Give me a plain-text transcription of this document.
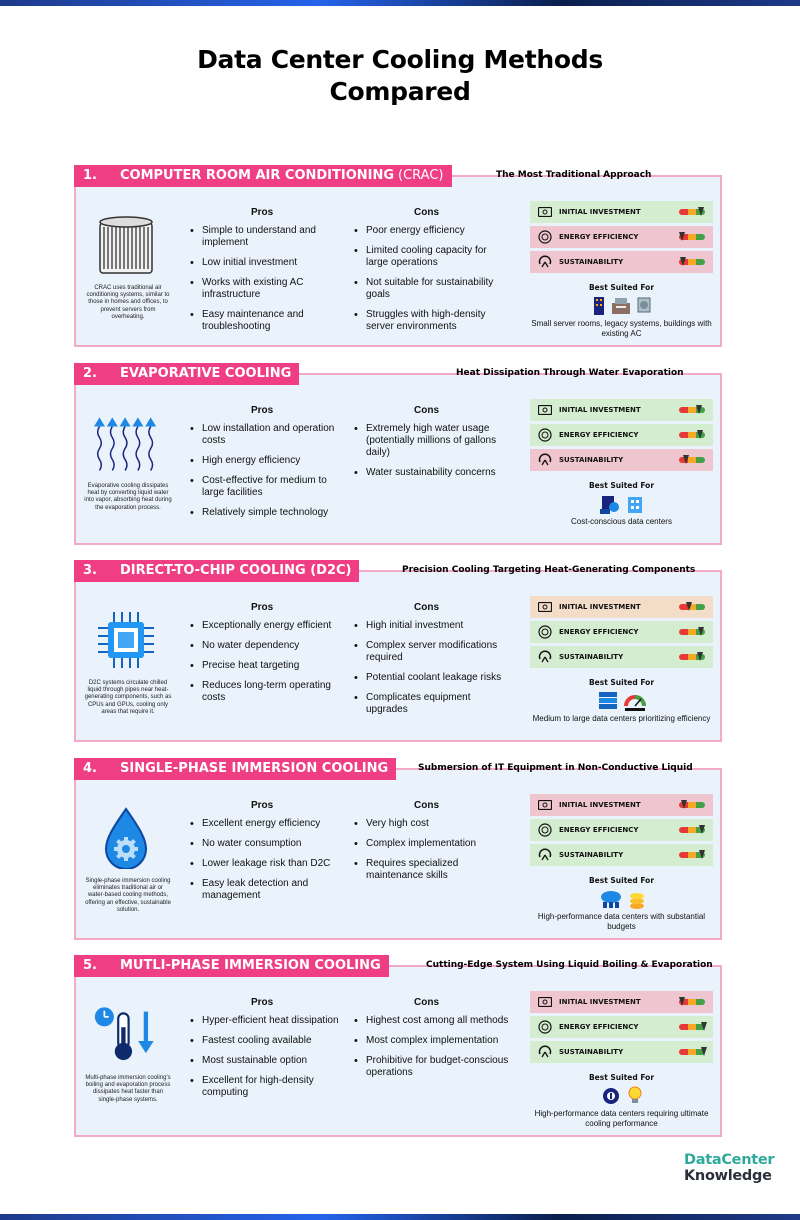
Data Center Cooling Methods
Compared
CRAC uses traditional air conditioning systems, similar to those in homes and offices, to prevent servers from overheating.
Pros	Cons
• Simple to understand and implement
• Low initial investment
• Works with existing AC infrastructure
• Easy maintenance and troubleshooting
• Poor energy efficiency
• Limited cooling capacity for large operations
• Not suitable for sustainability goals
• Struggles with high-density server environments
INITIAL INVESTMENT
ENERGY EFFICIENCY
SUSTAINABILITY
Best Suited For
Small server rooms, legacy systems, buildings with existing AC
1.	COMPUTER ROOM AIR CONDITIONING (CRAC)	The Most Traditional Approach
Evaporative cooling dissipates heat by converting liquid water into vapor, absorbing heat during the evaporation process.
Pros	Cons
• Low installation and operation costs
• High energy efficiency
• Cost-effective for medium to large facilities
• Relatively simple technology
• Extremely high water usage (potentially millions of gallons daily)
• Water sustainability concerns
INITIAL INVESTMENT
ENERGY EFFICIENCY
SUSTAINABILITY
Best Suited For
Cost-conscious data centers
2.	EVAPORATIVE COOLING	Heat Dissipation Through Water Evaporation
D2C systems circulate chilled liquid through pipes near heat-generating components, such as CPUs and GPUs, cooling only areas that require it.
Pros	Cons
• Exceptionally energy efficient
• No water dependency
• Precise heat targeting
• Reduces long-term operating costs
• High initial investment
• Complex server modifications required
• Potential coolant leakage risks
• Complicates equipment upgrades
INITIAL INVESTMENT
ENERGY EFFICIENCY
SUSTAINABILITY
Best Suited For
Medium to large data centers prioritizing efficiency
3.	DIRECT-TO-CHIP COOLING (D2C)	Precision Cooling Targeting Heat-Generating Components
Single-phase immersion cooling eliminates traditional air or water-based cooling methods, offering an effective, sustainable solution.
Pros	Cons
• Excellent energy efficiency
• No water consumption
• Lower leakage risk than D2C
• Easy leak detection and management
• Very high cost
• Complex implementation
• Requires specialized maintenance skills
INITIAL INVESTMENT
ENERGY EFFICIENCY
SUSTAINABILITY
Best Suited For
High-performance data centers with substantial budgets
4.	SINGLE-PHASE IMMERSION COOLING	Submersion of IT Equipment in Non-Conductive Liquid
Multi-phase immersion cooling's boiling and evaporation process dissipates heat faster than single-phase systems.
Pros	Cons
• Hyper-efficient heat dissipation
• Fastest cooling available
• Most sustainable option
• Excellent for high-density computing
• Highest cost among all methods
• Most complex implementation
• Prohibitive for budget-conscious operations
INITIAL INVESTMENT
ENERGY EFFICIENCY
SUSTAINABILITY
Best Suited For
High-performance data centers requiring ultimate cooling performance
5.	MUTLI-PHASE IMMERSION COOLING	Cutting-Edge System Using Liquid Boiling & Evaporation
DataCenter
Knowledge
